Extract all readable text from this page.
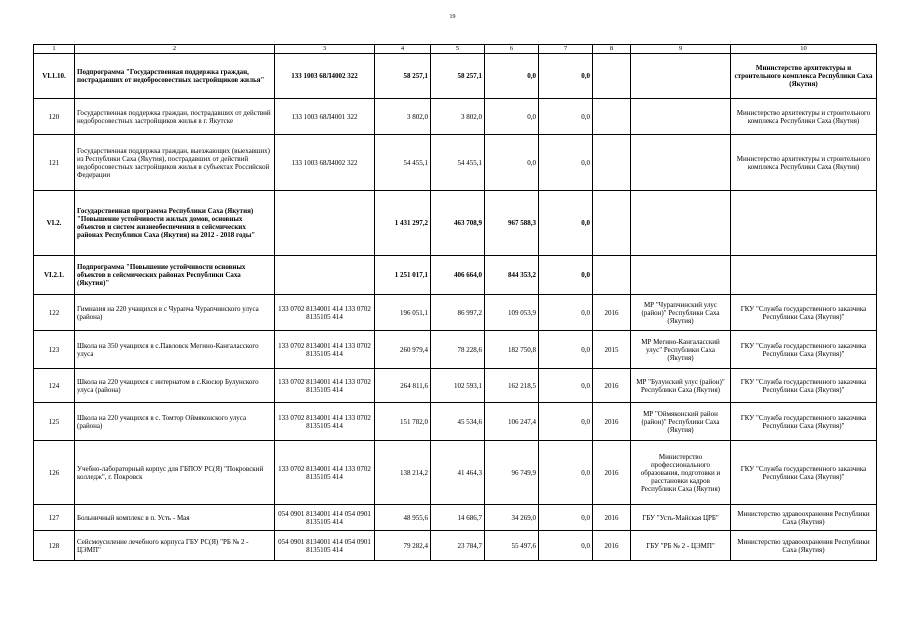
19
1	2	3	4	5	6	7	8	9	10
VI.1.10.	Подпрограмма "Государственная поддержка граждан, пострадавших от недобросовестных застройщиков жилья"	133 1003 68Л4002 322	58 257,1	58 257,1	0,0	0,0			Министерство архитектуры и строительного комплекса Республики Саха (Якутия)
120	Государственная поддержка граждан, пострадавших от действий недобросовестных застройщиков жилья в г. Якутске	133 1003 68Л4001 322	3 802,0	3 802,0	0,0	0,0			Министерство архитектуры и строительного комплекса Республики Саха (Якутия)
121	Государственная поддержка граждан, выезжающих (выехавших) из Республики Саха (Якутия), пострадавших от действий недобросовестных застройщиков жилья в субъектах Российской Федерации	133 1003 68Л4002 322	54 455,1	54 455,1	0,0	0,0			Министерство архитектуры и строительного комплекса Республики Саха (Якутия)
VI.2.	Государственная программа Республики Саха (Якутия) "Повышение устойчивости жилых домов, основных объектов и систем жизнеобеспечения в сейсмических районах Республики Саха (Якутия) на 2012 - 2018 годы"		1 431 297,2	463 708,9	967 588,3	0,0			
VI.2.1.	Подпрограмма "Повышение устойчивости основных объектов в сейсмических районах Республики Саха (Якутия)"		1 251 017,1	406 664,0	844 353,2	0,0			
122	Гимназия на 220 учащихся в с Чурапча Чурапчинского улуса (района)	133 0702 8134001 414 133 0702 8135105 414	196 051,1	86 997,2	109 053,9	0,0	2016	МР "Чурапчинский улус (район)" Республики Саха (Якутия)	ГКУ "Служба государственного заказчика Республики Саха (Якутия)"
123	Школа на 350 учащихся в с.Павловск Мегино-Кангаласского улуса	133 0702 8134001 414 133 0702 8135105 414	260 979,4	78 228,6	182 750,8	0,0	2015	МР Мегино-Кангаласский улус" Республики Саха (Якутия)	ГКУ "Служба государственного заказчика Республики Саха (Якутия)"
124	Школа на 220 учащихся с интернатом в с.Кюсюр Булунского улуса (района)	133 0702 8134001 414 133 0702 8135105 414	264 811,6	102 593,1	162 218,5	0,0	2016	МР "Булунский улус (район)" Республики Саха (Якутия)	ГКУ "Служба государственного заказчика Республики Саха (Якутия)"
125	Школа на 220 учащихся в с. Томтор Оймяконского улуса (района)	133 0702 8134001 414 133 0702 8135105 414	151 782,0	45 534,6	106 247,4	0,0	2016	МР "Оймяконский район (район)" Республики Саха (Якутия)	ГКУ "Служба государственного заказчика Республики Саха (Якутия)"
126	Учебно-лабораторный корпус для ГБПОУ РС(Я) "Покровский колледж", г. Покровск	133 0702 8134001 414 133 0702 8135105 414	138 214,2	41 464,3	96 749,9	0,0	2016	Министерство профессионального образования, подготовки и расстановки кадров Республики Саха (Якутия)	ГКУ "Служба государственного заказчика Республики Саха (Якутия)"
127	Больничный комплекс в п. Усть - Мая	054 0901 8134001 414 054 0901 8135105 414	48 955,6	14 686,7	34 269,0	0,0	2016	ГБУ "Усть-Майская ЦРБ"	Министерство здравоохранения Республики Саха (Якутия)
128	Сейсмоусиление лечебного корпуса ГБУ РС(Я) "РБ № 2 - ЦЭМП"	054 0901 8134001 414 054 0901 8135105 414	79 282,4	23 784,7	55 497,6	0,0	2016	ГБУ "РБ № 2 - ЦЭМП"	Министерство здравоохранения Республики Саха (Якутия)
